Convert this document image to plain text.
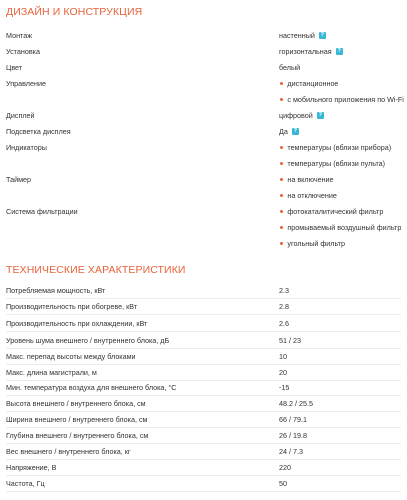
ДИЗАЙН И КОНСТРУКЦИЯ
Монтаж	настенный	?
Установка	горизонтальная	?
Цвет	белый
Управление	дистанционное
с мобильного приложения по Wi-Fi
Дисплей	цифровой	?
Подсветка дисплея	Да	?
Индикаторы	температуры (вблизи прибора)
температуры (вблизи пульта)
Таймер	на включение
на отключение
Система фильтрации	фотокаталитический фильтр
промываемый воздушный фильтр
угольный фильтр
ТЕХНИЧЕСКИЕ ХАРАКТЕРИСТИКИ
Потребляемая мощность, кВт	2.3
Производительность при обогреве, кВт	2.8
Производительность при охлаждении, кВт	2.6
Уровень шума внешнего / внутреннего блока, дБ	51 / 23
Макс. перепад высоты между блоками	10
Макс. длина магистрали, м	20
Мин. температура воздуха для внешнего блока, °C	-15
Высота внешнего / внутреннего блока, см	48.2 / 25.5
Ширина внешнего / внутреннего блока, см	66 / 79.1
Глубина внешнего / внутреннего блока, см	26 / 19.8
Вес внешнего / внутреннего блока, кг	24 / 7.3
Напряжение, В	220
Частота, Гц	50
